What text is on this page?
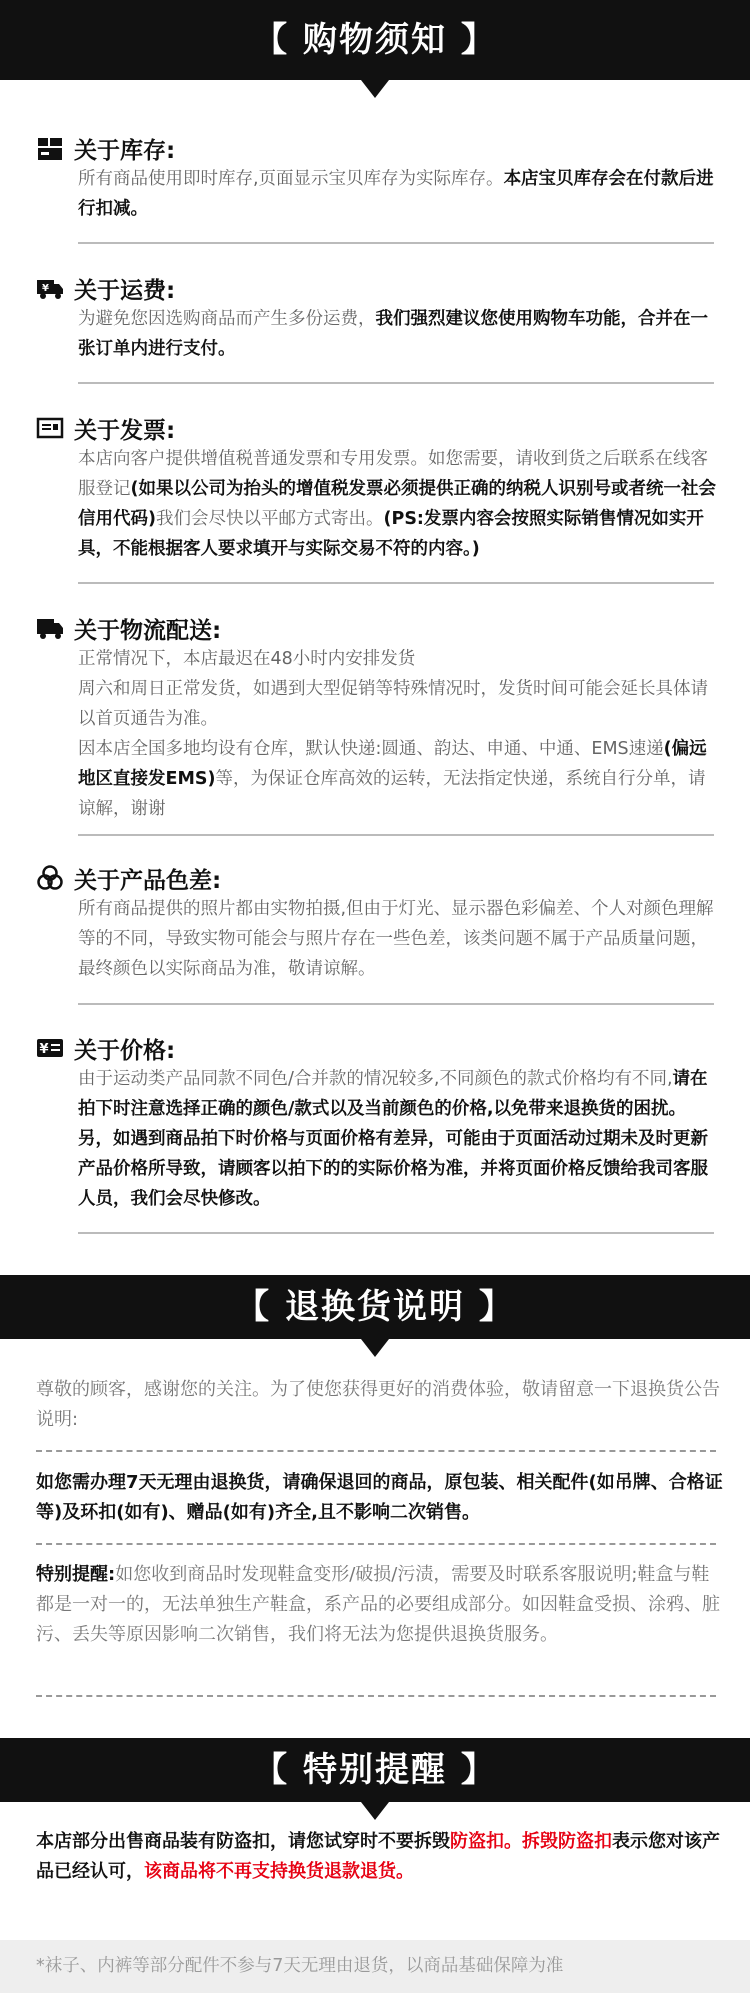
【 购物须知 】
关于库存:
所有商品使用即时库存,页面显示宝贝库存为实际库存。本店宝贝库存会在付款后进行扣减。
¥ 关于运费:
为避免您因选购商品而产生多份运费，我们强烈建议您使用购物车功能，合并在一张订单内进行支付。
关于发票:
本店向客户提供增值税普通发票和专用发票。如您需要，请收到货之后联系在线客服登记(如果以公司为抬头的增值税发票必须提供正确的纳税人识别号或者统一社会信用代码)我们会尽快以平邮方式寄出。(PS:发票内容会按照实际销售情况如实开具，不能根据客人要求填开与实际交易不符的内容。)
关于物流配送:
正常情况下，本店最迟在48小时内安排发货
周六和周日正常发货，如遇到大型促销等特殊情况时，发货时间可能会延长具体请以首页通告为准。
因本店全国多地均设有仓库，默认快递:圆通、韵达、申通、中通、EMS速递(偏远地区直接发EMS)等，为保证仓库高效的运转，无法指定快递，系统自行分单，请谅解，谢谢
关于产品色差:
所有商品提供的照片都由实物拍摄,但由于灯光、显示器色彩偏差、个人对颜色理解等的不同，导致实物可能会与照片存在一些色差，该类问题不属于产品质量问题，最终颜色以实际商品为准，敬请谅解。
¥ 关于价格:
由于运动类产品同款不同色/合并款的情况较多,不同颜色的款式价格均有不同,请在拍下时注意选择正确的颜色/款式以及当前颜色的价格,以免带来退换货的困扰。另，如遇到商品拍下时价格与页面价格有差异，可能由于页面活动过期未及时更新产品价格所导致，请顾客以拍下的的实际价格为准，并将页面价格反馈给我司客服人员，我们会尽快修改。
【 退换货说明 】
尊敬的顾客，感谢您的关注。为了使您获得更好的消费体验，敬请留意一下退换货公告说明:
如您需办理7天无理由退换货，请确保退回的商品，原包装、相关配件(如吊牌、合格证等)及环扣(如有)、赠品(如有)齐全,且不影响二次销售。
特别提醒:如您收到商品时发现鞋盒变形/破损/污渍，需要及时联系客服说明;鞋盒与鞋都是一对一的，无法单独生产鞋盒，系产品的必要组成部分。如因鞋盒受损、涂鸦、脏污、丢失等原因影响二次销售，我们将无法为您提供退换货服务。
【 特别提醒 】
本店部分出售商品装有防盗扣，请您试穿时不要拆毁防盗扣。拆毁防盗扣表示您对该产品已经认可，该商品将不再支持换货退款退货。
*袜子、内裤等部分配件不参与7天无理由退货，以商品基础保障为准
